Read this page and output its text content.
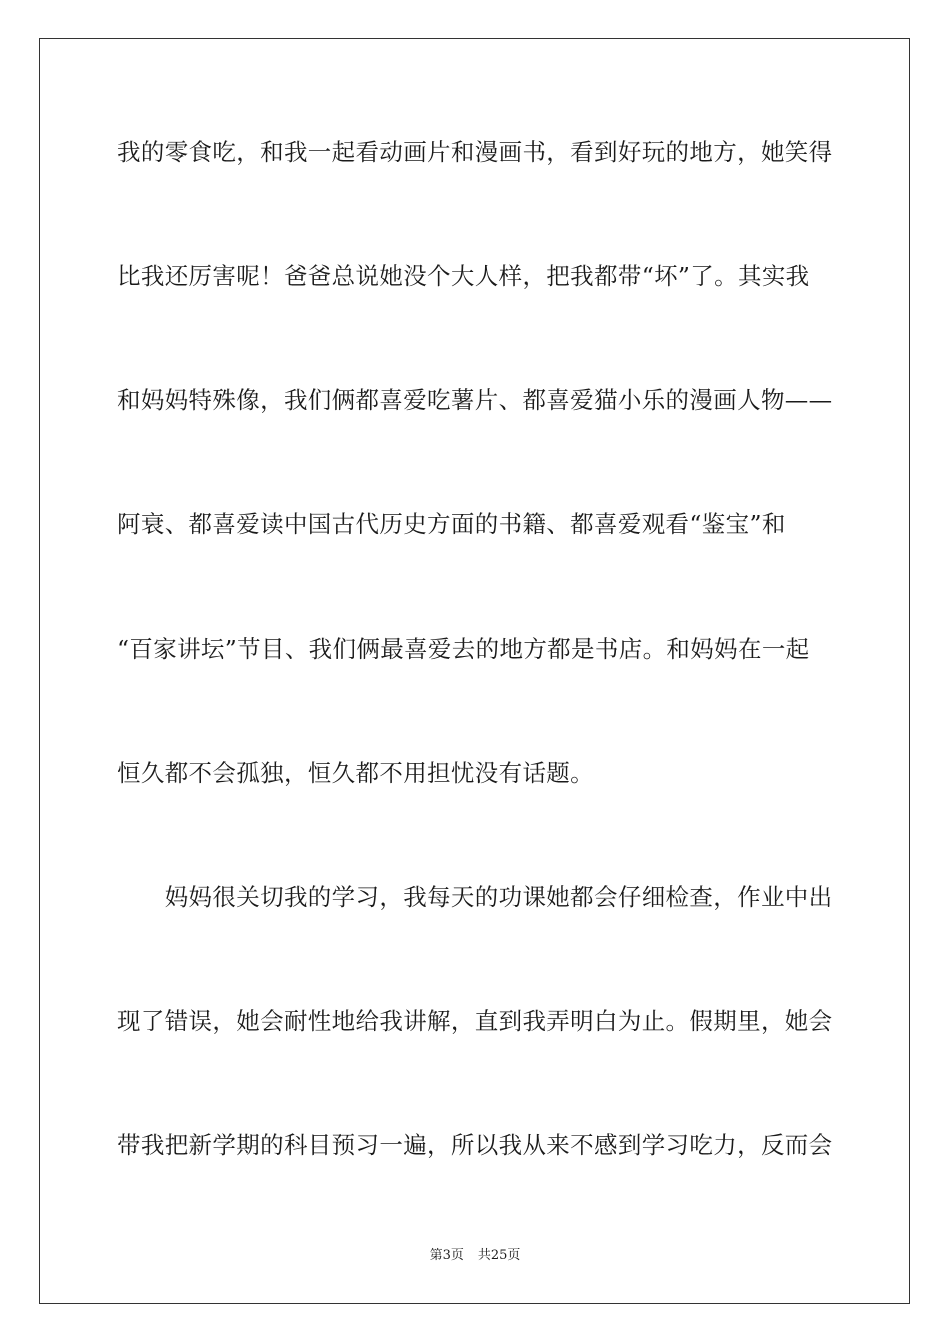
我的零食吃，和我一起看动画片和漫画书，看到好玩的地方，她笑得
比我还厉害呢！爸爸总说她没个大人样，把我都带“坏”了。其实我
和妈妈特殊像，我们俩都喜爱吃薯片、都喜爱猫小乐的漫画人物——
阿衰、都喜爱读中国古代历史方面的书籍、都喜爱观看“鉴宝”和
“百家讲坛”节目、我们俩最喜爱去的地方都是书店。和妈妈在一起
恒久都不会孤独，恒久都不用担忧没有话题。
　　妈妈很关切我的学习，我每天的功课她都会仔细检查，作业中出
现了错误，她会耐性地给我讲解，直到我弄明白为止。假期里，她会
带我把新学期的科目预习一遍，所以我从来不感到学习吃力，反而会
第3页 共25页
